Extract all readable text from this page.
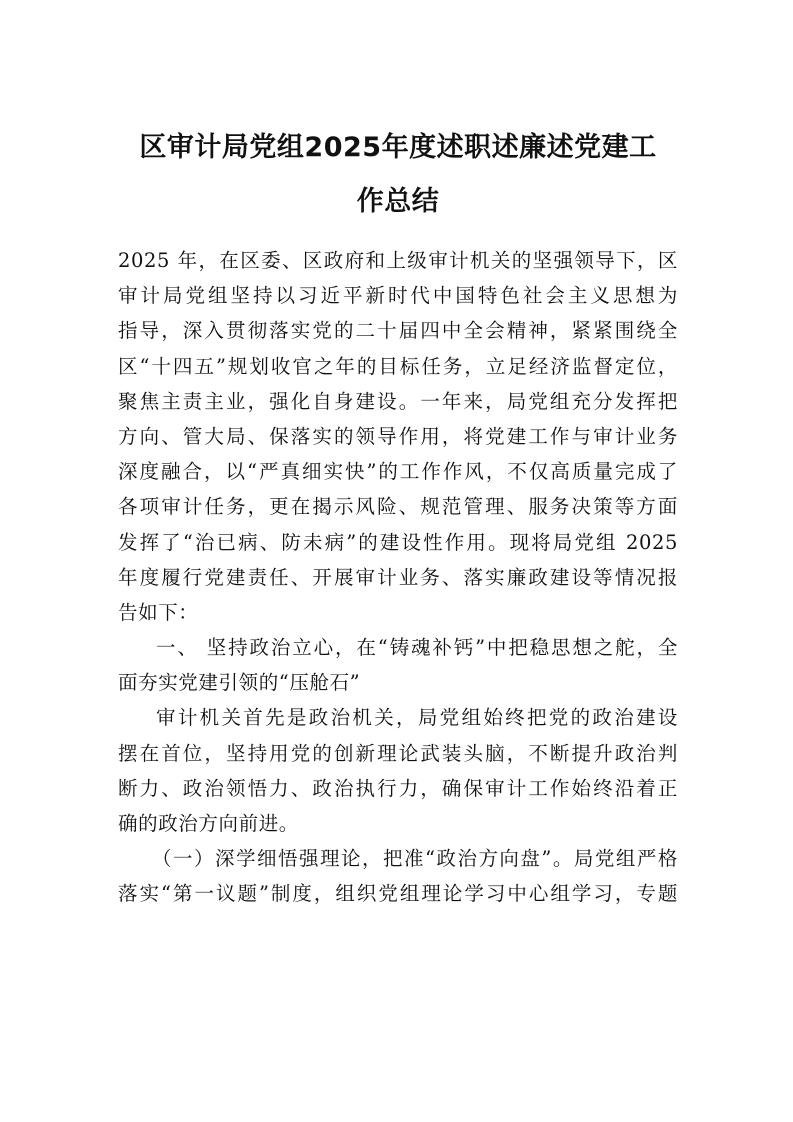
区审计局党组2025年度述职述廉述党建工
作总结
2025 年，在区委、区政府和上级审计机关的坚强领导下，区
审计局党组坚持以习近平新时代中国特色社会主义思想为
指导，深入贯彻落实党的二十届四中全会精神，紧紧围绕全
区“十四五”规划收官之年的目标任务，立足经济监督定位，
聚焦主责主业，强化自身建设。一年来，局党组充分发挥把
方向、管大局、保落实的领导作用，将党建工作与审计业务
深度融合，以“严真细实快”的工作作风，不仅高质量完成了
各项审计任务，更在揭示风险、规范管理、服务决策等方面
发挥了“治已病、防未病”的建设性作用。现将局党组 2025
年度履行党建责任、开展审计业务、落实廉政建设等情况报
告如下：
一、 坚持政治立心，在“铸魂补钙”中把稳思想之舵，全
面夯实党建引领的“压舱石”
审计机关首先是政治机关，局党组始终把党的政治建设
摆在首位，坚持用党的创新理论武装头脑，不断提升政治判
断力、政治领悟力、政治执行力，确保审计工作始终沿着正
确的政治方向前进。
（一）深学细悟强理论，把准“政治方向盘”。局党组严格
落实“第一议题”制度，组织党组理论学习中心组学习，专题
